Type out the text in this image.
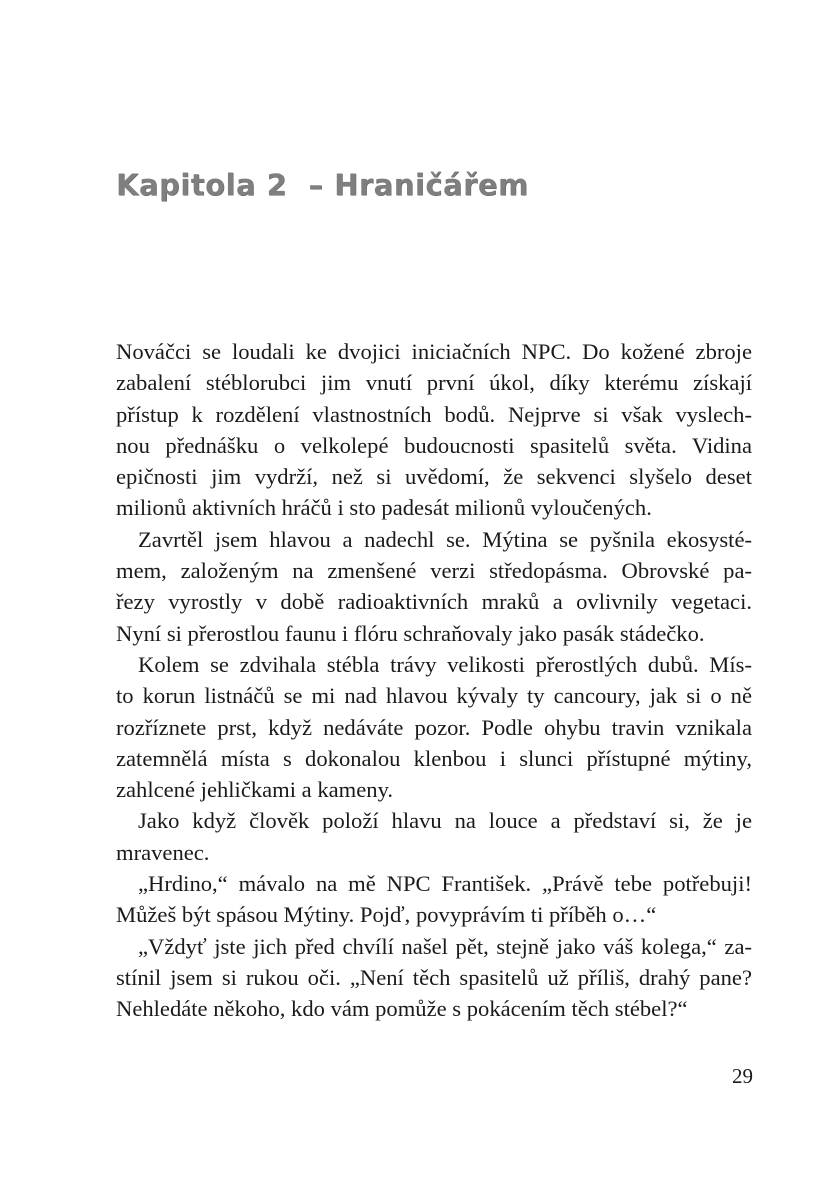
Kapitola 2  – Hraničářem
Nováčci se loudali ke dvojici iniciačních NPC. Do kožené zbroje
zabalení stéblorubci jim vnutí první úkol, díky kterému získají
přístup k rozdělení vlastnostních bodů. Nejprve si však vyslech-
nou přednášku o velkolepé budoucnosti spasitelů světa. Vidina
epičnosti jim vydrží, než si uvědomí, že sekvenci slyšelo deset
milionů aktivních hráčů i sto padesát milionů vyloučených.
Zavrtěl jsem hlavou a nadechl se. Mýtina se pyšnila ekosysté-
mem, založeným na zmenšené verzi středopásma. Obrovské pa-
řezy vyrostly v době radioaktivních mraků a ovlivnily vegetaci.
Nyní si přerostlou faunu i flóru schraňovaly jako pasák stádečko.
Kolem se zdvihala stébla trávy velikosti přerostlých dubů. Mís-
to korun listnáčů se mi nad hlavou kývaly ty cancoury, jak si o ně
rozříznete prst, když nedáváte pozor. Podle ohybu travin vznikala
zatemnělá místa s dokonalou klenbou i slunci přístupné mýtiny,
zahlcené jehličkami a kameny.
Jako když člověk položí hlavu na louce a představí si, že je
mravenec.
„Hrdino,“ mávalo na mě NPC František. „Právě tebe potřebuji!
Můžeš být spásou Mýtiny. Pojď, povyprávím ti příběh o…“
„Vždyť jste jich před chvílí našel pět, stejně jako váš kolega,“ za-
stínil jsem si rukou oči. „Není těch spasitelů už příliš, drahý pane?
Nehledáte někoho, kdo vám pomůže s pokácením těch stébel?“
29
